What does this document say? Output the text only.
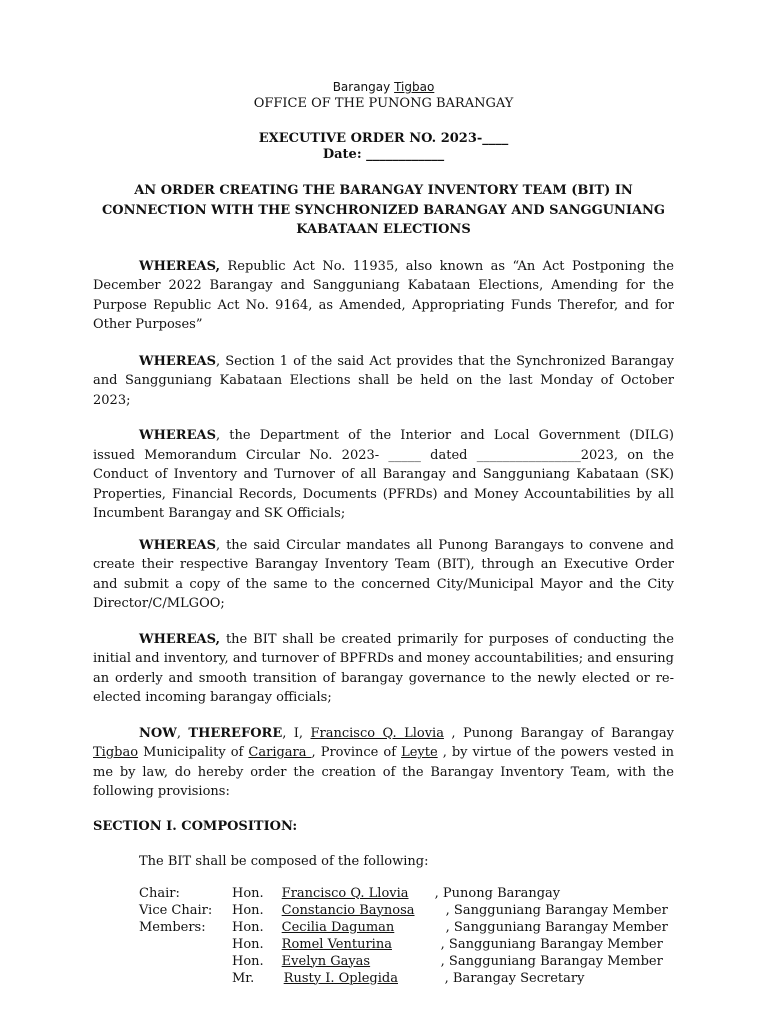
Barangay Tigbao
OFFICE OF THE PUNONG BARANGAY
EXECUTIVE ORDER NO. 2023-____
Date: ____________
AN ORDER CREATING THE BARANGAY INVENTORY TEAM (BIT) IN CONNECTION WITH THE SYNCHRONIZED BARANGAY AND SANGGUNIANG KABATAAN ELECTIONS

WHEREAS, Republic Act No. 11935, also known as “An Act Postponing the December 2022 Barangay and Sangguniang Kabataan Elections, Amending for the Purpose Republic Act No. 9164, as Amended, Appropriating Funds Therefor, and for Other Purposes”

WHEREAS, Section 1 of the said Act provides that the Synchronized Barangay and Sangguniang Kabataan Elections shall be held on the last Monday of October 2023;

WHEREAS, the Department of the Interior and Local Government (DILG) issued Memorandum Circular No. 2023- _____ dated ________________2023, on the Conduct of Inventory and Turnover of all Barangay and Sangguniang Kabataan (SK) Properties, Financial Records, Documents (PFRDs) and Money Accountabilities by all Incumbent Barangay and SK Officials;

WHEREAS, the said Circular mandates all Punong Barangays to convene and create their respective Barangay Inventory Team (BIT), through an Executive Order and submit a copy of the same to the concerned City/Municipal Mayor and the City Director/C/MLGOO;

WHEREAS, the BIT shall be created primarily for purposes of conducting the initial and inventory, and turnover of BPFRDs and money accountabilities; and ensuring an orderly and smooth transition of barangay governance to the newly elected or re-elected incoming barangay officials;

NOW, THEREFORE, I, Francisco Q. Llovia , Punong Barangay of Barangay Tigbao Municipality of Carigara , Province of Leyte , by virtue of the powers vested in me by law, do hereby order the creation of the Barangay Inventory Team, with the following provisions:

SECTION I. COMPOSITION:
The BIT shall be composed of the following:
Chair:	Hon.	Francisco Q. Llovia , Punong Barangay
Vice Chair:	Hon.	Constancio Baynosa , Sangguniang Barangay Member
Members:	Hon.	Cecilia Daguman , Sangguniang Barangay Member
	Hon.	Romel Venturina , Sangguniang Barangay Member
	Hon.	Evelyn Gayas , Sangguniang Barangay Member
	Mr.	Rusty I. Oplegida , Barangay Secretary
